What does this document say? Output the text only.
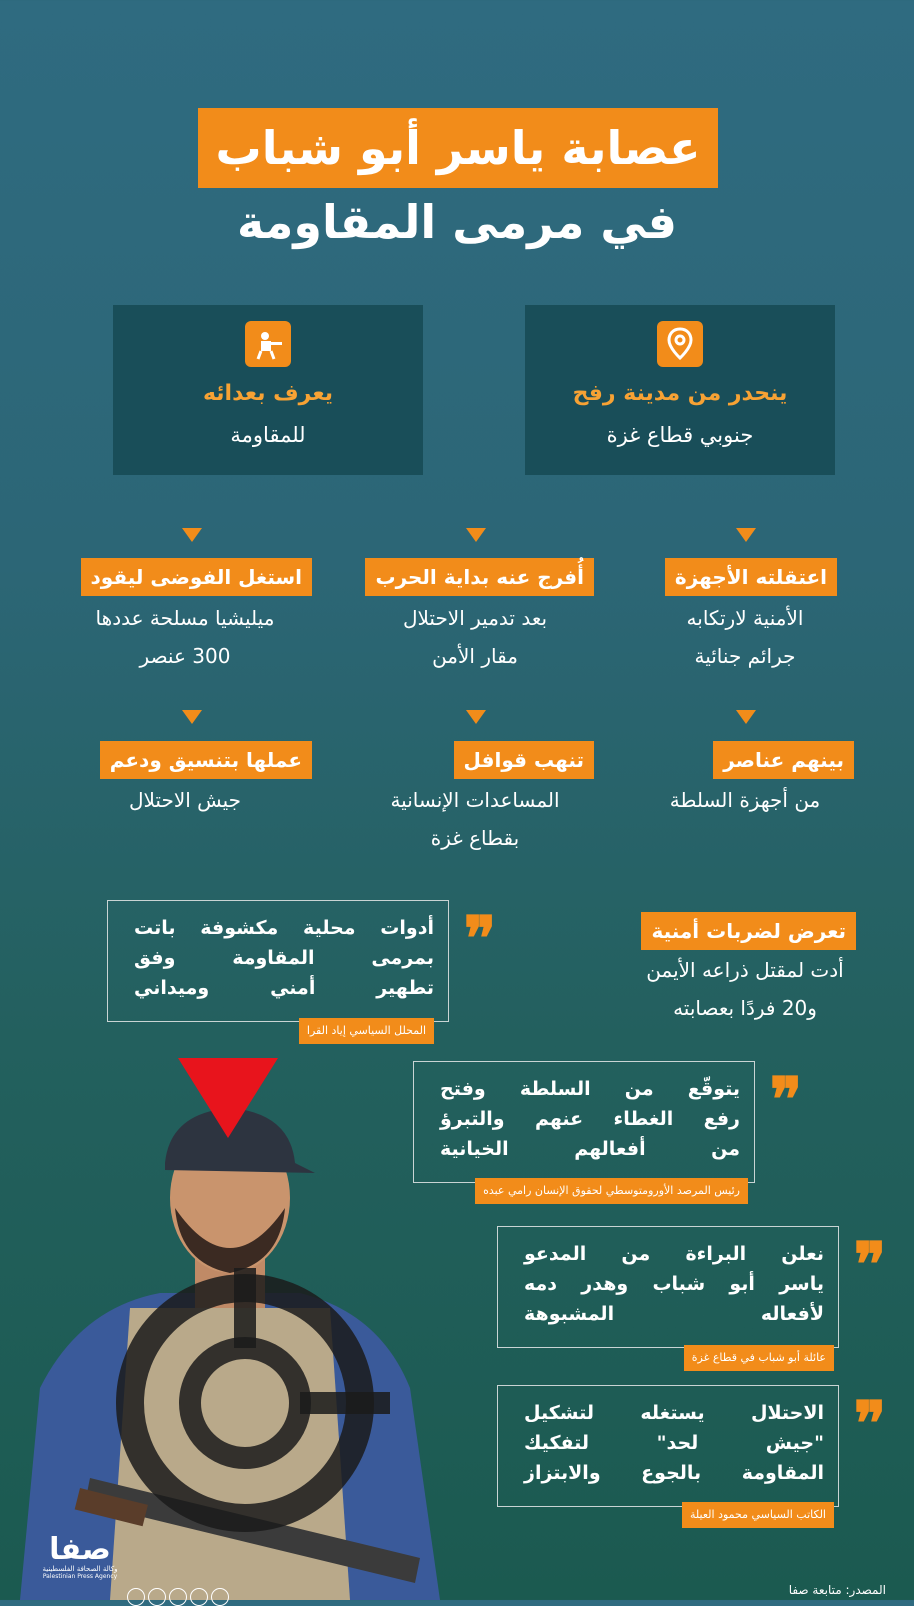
عصابة ياسر أبو شباب
في مرمى المقاومة
ينحدر من مدينة رفح
جنوبي قطاع غزة
يعرف بعدائه
للمقاومة
اعتقلته الأجهزة
الأمنية لارتكابه
جرائم جنائية
أُفرج عنه بداية الحرب
بعد تدمير الاحتلال
مقار الأمن
استغل الفوضى ليقود
ميليشيا مسلحة عددها
300 عنصر
بينهم عناصر
من أجهزة السلطة
تنهب قوافل
المساعدات الإنسانية
بقطاع غزة
عملها بتنسيق ودعم
جيش الاحتلال
تعرض لضربات أمنية
أدت لمقتل ذراعه الأيمن
و20 فردًا بعصابته
❞
أدوات محلية مكشوفة باتت
بمرمى المقاومة وفق
تطهير أمني وميداني
المحلل السياسي إياد القرا
❞
يتوقّع من السلطة وفتح
رفع الغطاء عنهم والتبرؤ
من أفعالهم الخيانية
رئيس المرصد الأورومتوسطي لحقوق الإنسان رامي عبده
❞
نعلن البراءة من المدعو
ياسر أبو شباب وهدر دمه
لأفعاله المشبوهة
عائلة أبو شباب في قطاع غزة
❞
الاحتلال يستغله لتشكيل
"جيش لحد" لتفكيك
المقاومة بالجوع والابتزاز
الكاتب السياسي محمود العيلة
صفا
وكالة الصحافة الفلسطينية
Palestinian Press Agency
المصدر: متابعة صفا
